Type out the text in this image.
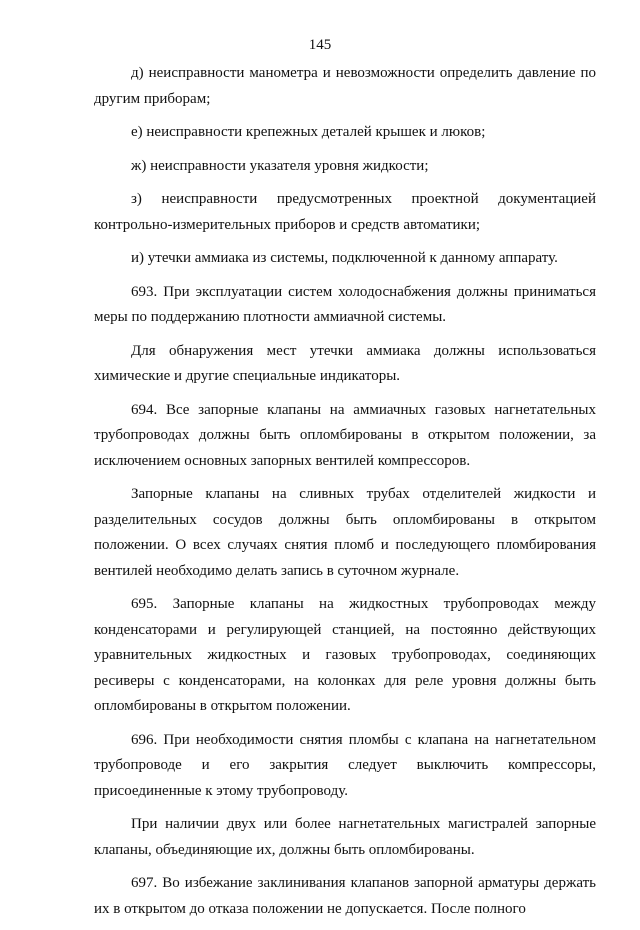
145

д) неисправности манометра и невозможности определить давление по другим приборам;

е) неисправности крепежных деталей крышек и люков;

ж) неисправности указателя уровня жидкости;

з) неисправности предусмотренных проектной документацией контрольно-измерительных приборов и средств автоматики;

и) утечки аммиака из системы, подключенной к данному аппарату.

693. При эксплуатации систем холодоснабжения должны приниматься меры по поддержанию плотности аммиачной системы.

Для обнаружения мест утечки аммиака должны использоваться химические и другие специальные индикаторы.

694. Все запорные клапаны на аммиачных газовых нагнетательных трубопроводах должны быть опломбированы в открытом положении, за исключением основных запорных вентилей компрессоров.

Запорные клапаны на сливных трубах отделителей жидкости и разделительных сосудов должны быть опломбированы в открытом положении. О всех случаях снятия пломб и последующего пломбирования вентилей необходимо делать запись в суточном журнале.

695. Запорные клапаны на жидкостных трубопроводах между конденсаторами и регулирующей станцией, на постоянно действующих уравнительных жидкостных и газовых трубопроводах, соединяющих ресиверы с конденсаторами, на колонках для реле уровня должны быть опломбированы в открытом положении.

696. При необходимости снятия пломбы с клапана на нагнетательном трубопроводе и его закрытия следует выключить компрессоры, присоединенные к этому трубопроводу.

При наличии двух или более нагнетательных магистралей запорные клапаны, объединяющие их, должны быть опломбированы.

697. Во избежание заклинивания клапанов запорной арматуры держать их в открытом до отказа положении не допускается. После полного
